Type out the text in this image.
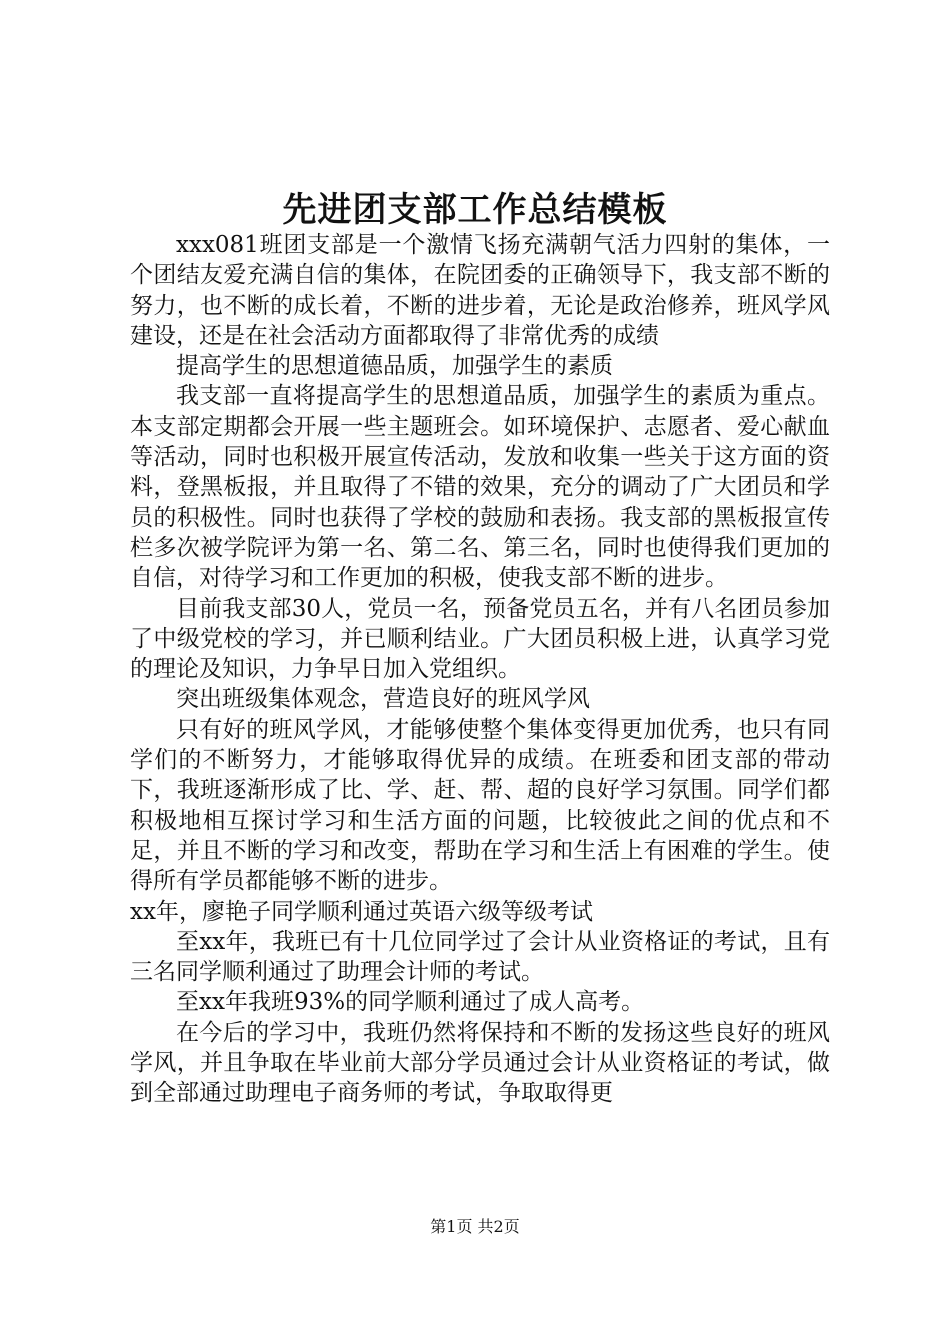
先进团支部工作总结模板

xxx081班团支部是一个激情飞扬充满朝气活力四射的集体，一个团结友爱充满自信的集体，在院团委的正确领导下，我支部不断的努力，也不断的成长着，不断的进步着，无论是政治修养，班风学风建设，还是在社会活动方面都取得了非常优秀的成绩

提高学生的思想道德品质，加强学生的素质

我支部一直将提高学生的思想道品质，加强学生的素质为重点。本支部定期都会开展一些主题班会。如环境保护、志愿者、爱心献血等活动，同时也积极开展宣传活动，发放和收集一些关于这方面的资料，登黑板报，并且取得了不错的效果，充分的调动了广大团员和学员的积极性。同时也获得了学校的鼓励和表扬。我支部的黑板报宣传栏多次被学院评为第一名、第二名、第三名，同时也使得我们更加的自信，对待学习和工作更加的积极，使我支部不断的进步。

目前我支部30人，党员一名，预备党员五名，并有八名团员参加了中级党校的学习，并已顺利结业。广大团员积极上进，认真学习党的理论及知识，力争早日加入党组织。

突出班级集体观念，营造良好的班风学风

只有好的班风学风，才能够使整个集体变得更加优秀，也只有同学们的不断努力，才能够取得优异的成绩。在班委和团支部的带动下，我班逐渐形成了比、学、赶、帮、超的良好学习氛围。同学们都积极地相互探讨学习和生活方面的问题，比较彼此之间的优点和不足，并且不断的学习和改变，帮助在学习和生活上有困难的学生。使得所有学员都能够不断的进步。

xx年，廖艳子同学顺利通过英语六级等级考试

至xx年，我班已有十几位同学过了会计从业资格证的考试，且有三名同学顺利通过了助理会计师的考试。

至xx年我班93%的同学顺利通过了成人高考。

在今后的学习中，我班仍然将保持和不断的发扬这些良好的班风学风，并且争取在毕业前大部分学员通过会计从业资格证的考试，做到全部通过助理电子商务师的考试，争取取得更

第1页 共2页
